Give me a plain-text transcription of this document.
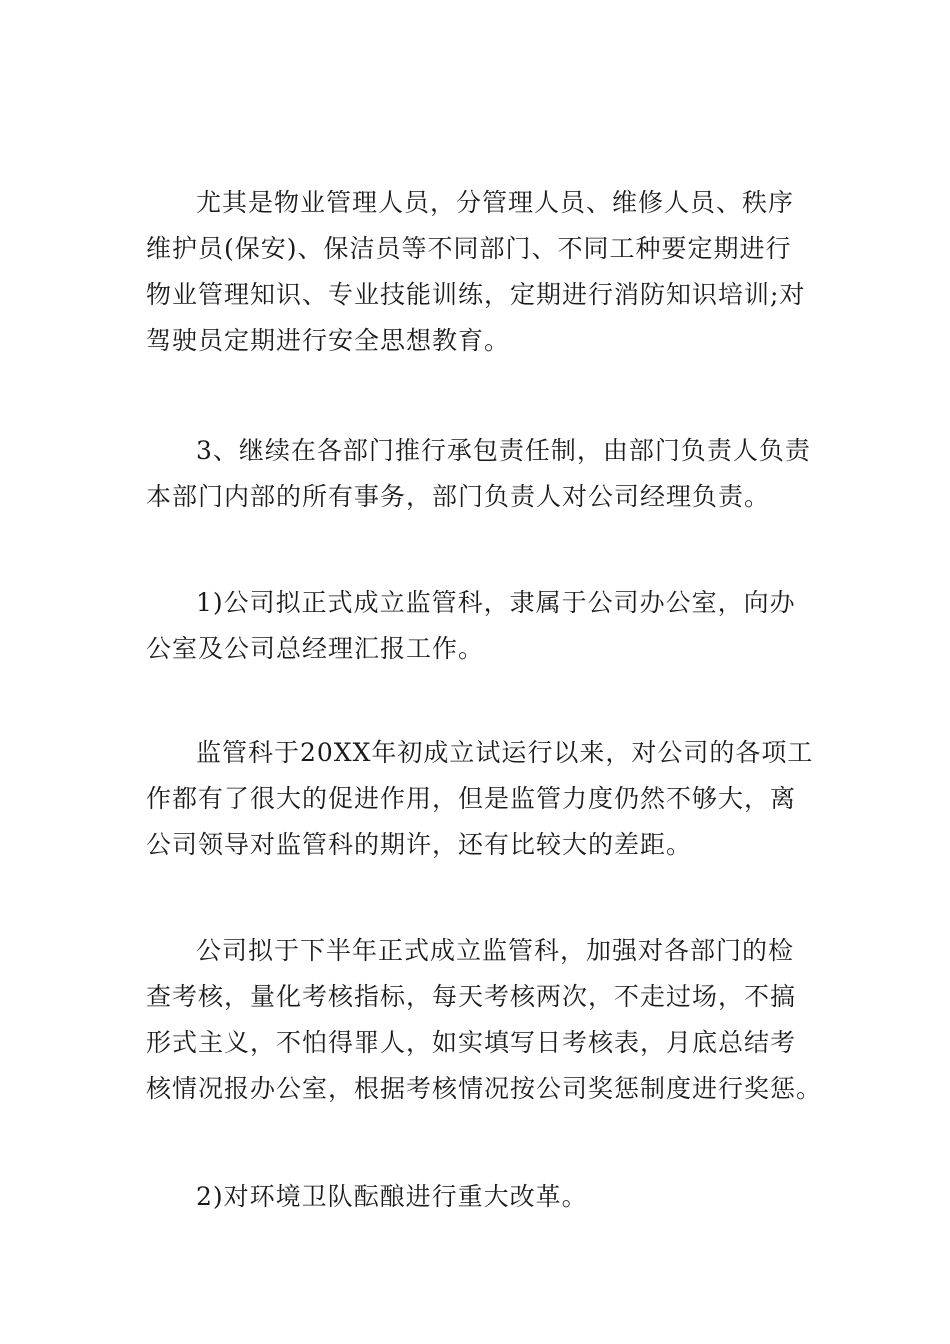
尤其是物业管理人员，分管理人员、维修人员、秩序
维护员(保安)、保洁员等不同部门、不同工种要定期进行
物业管理知识、专业技能训练，定期进行消防知识培训;对
驾驶员定期进行安全思想教育。
3、继续在各部门推行承包责任制，由部门负责人负责
本部门内部的所有事务，部门负责人对公司经理负责。
1)公司拟正式成立监管科，隶属于公司办公室，向办
公室及公司总经理汇报工作。
监管科于20XX年初成立试运行以来，对公司的各项工
作都有了很大的促进作用，但是监管力度仍然不够大，离
公司领导对监管科的期许，还有比较大的差距。
公司拟于下半年正式成立监管科，加强对各部门的检
查考核，量化考核指标，每天考核两次，不走过场，不搞
形式主义，不怕得罪人，如实填写日考核表，月底总结考
核情况报办公室，根据考核情况按公司奖惩制度进行奖惩。
2)对环境卫队酝酿进行重大改革。
